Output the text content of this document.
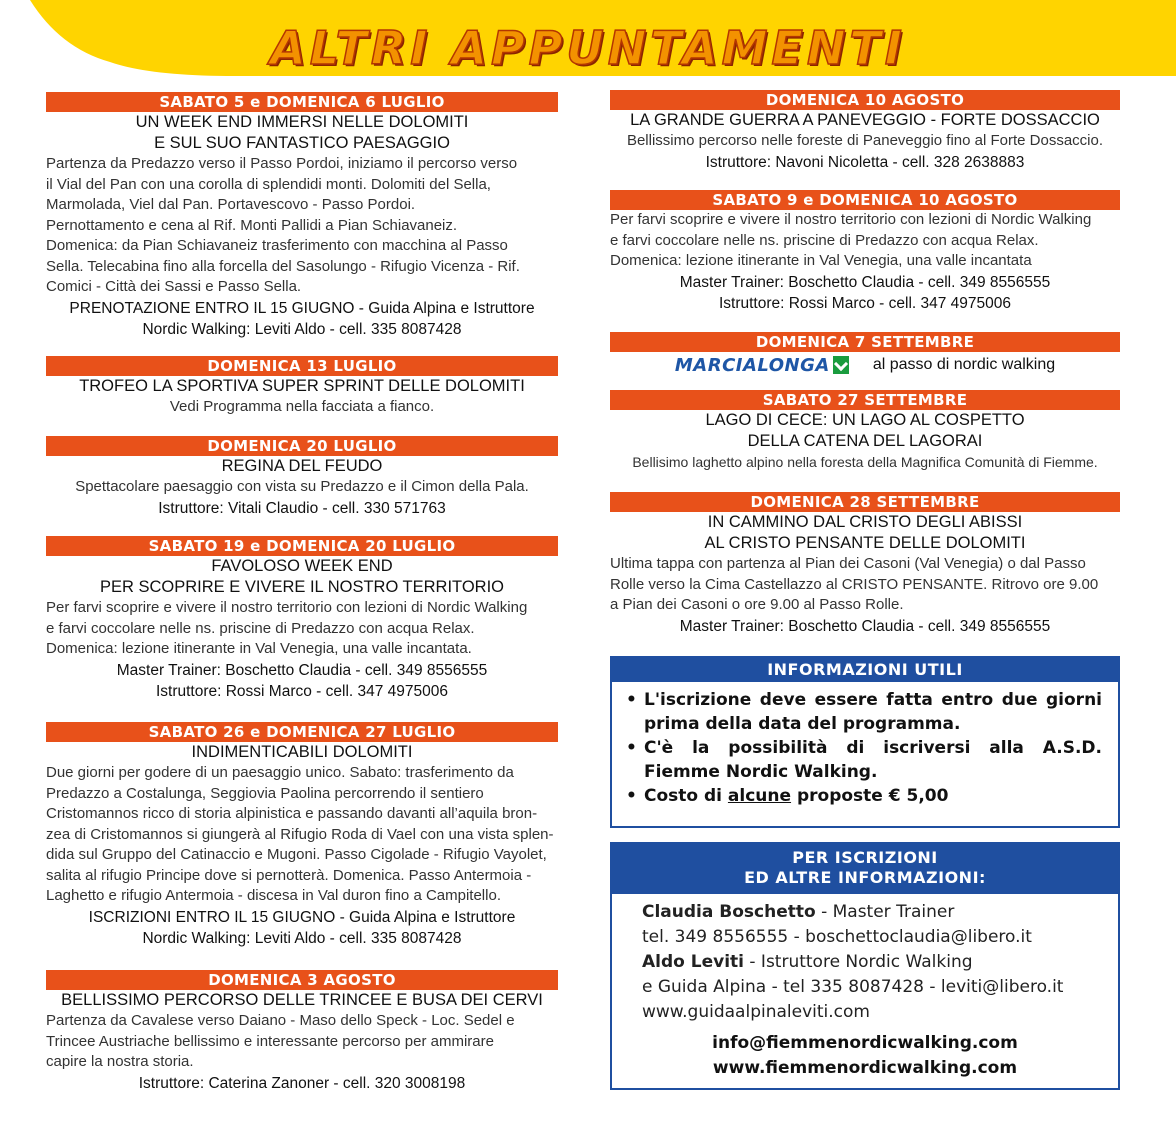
ALTRI APPUNTAMENTI
SABATO 5 e DOMENICA 6 LUGLIO
UN WEEK END IMMERSI NELLE DOLOMITI
E SUL SUO FANTASTICO PAESAGGIO
Partenza da Predazzo verso il Passo Pordoi, iniziamo il percorso verso
il Vial del Pan con una corolla di splendidi monti. Dolomiti del Sella,
Marmolada, Viel dal Pan. Portavescovo - Passo Pordoi.
Pernottamento e cena al Rif. Monti Pallidi a Pian Schiavaneiz.
Domenica: da Pian Schiavaneiz trasferimento con macchina al Passo
Sella. Telecabina fino alla forcella del Sasolungo - Rifugio Vicenza - Rif.
Comici - Città dei Sassi e Passo Sella.
PRENOTAZIONE ENTRO IL 15 GIUGNO - Guida Alpina e Istruttore
Nordic Walking: Leviti Aldo - cell. 335 8087428
DOMENICA 13 LUGLIO
TROFEO LA SPORTIVA SUPER SPRINT DELLE DOLOMITI
Vedi Programma nella facciata a fianco.
DOMENICA 20 LUGLIO
REGINA DEL FEUDO
Spettacolare paesaggio con vista su Predazzo e il Cimon della Pala.
Istruttore: Vitali Claudio - cell. 330 571763
SABATO 19 e DOMENICA 20 LUGLIO
FAVOLOSO WEEK END
PER SCOPRIRE E VIVERE IL NOSTRO TERRITORIO
Per farvi scoprire e vivere il nostro territorio con lezioni di Nordic Walking
e farvi coccolare nelle ns. priscine di Predazzo con acqua Relax.
Domenica: lezione itinerante in Val Venegia, una valle incantata.
Master Trainer: Boschetto Claudia - cell. 349 8556555
Istruttore: Rossi Marco - cell. 347 4975006
SABATO 26 e DOMENICA 27 LUGLIO
INDIMENTICABILI DOLOMITI
Due giorni per godere di un paesaggio unico. Sabato: trasferimento da
Predazzo a Costalunga, Seggiovia Paolina percorrendo il sentiero
Cristomannos ricco di storia alpinistica e passando davanti all’aquila bron-
zea di Cristomannos si giungerà al Rifugio Roda di Vael con una vista splen-
dida sul Gruppo del Catinaccio e Mugoni. Passo Cigolade - Rifugio Vayolet,
salita al rifugio Principe dove si pernotterà. Domenica. Passo Antermoia -
Laghetto e rifugio Antermoia - discesa in Val duron fino a Campitello.
ISCRIZIONI ENTRO IL 15 GIUGNO - Guida Alpina e Istruttore
Nordic Walking: Leviti Aldo - cell. 335 8087428
DOMENICA 3 AGOSTO
BELLISSIMO PERCORSO DELLE TRINCEE E BUSA DEI CERVI
Partenza da Cavalese verso Daiano - Maso dello Speck - Loc. Sedel e
Trincee Austriache bellissimo e interessante percorso per ammirare
capire la nostra storia.
Istruttore: Caterina Zanoner - cell. 320 3008198
DOMENICA 10 AGOSTO
LA GRANDE GUERRA A PANEVEGGIO - FORTE DOSSACCIO
Bellissimo percorso nelle foreste di Paneveggio fino al Forte Dossaccio.
Istruttore: Navoni Nicoletta - cell. 328 2638883
SABATO 9 e DOMENICA 10 AGOSTO
Per farvi scoprire e vivere il nostro territorio con lezioni di Nordic Walking
e farvi coccolare nelle ns. priscine di Predazzo con acqua Relax.
Domenica: lezione itinerante in Val Venegia, una valle incantata
Master Trainer: Boschetto Claudia - cell. 349 8556555
Istruttore: Rossi Marco - cell. 347 4975006
DOMENICA 7 SETTEMBRE
MARCIALONGA	al passo di nordic walking
SABATO 27 SETTEMBRE
LAGO DI CECE: UN LAGO AL COSPETTO
DELLA CATENA DEL LAGORAI
Bellisimo laghetto alpino nella foresta della Magnifica Comunità di Fiemme.
DOMENICA 28 SETTEMBRE
IN CAMMINO DAL CRISTO DEGLI ABISSI
AL CRISTO PENSANTE DELLE DOLOMITI
Ultima tappa con partenza al Pian dei Casoni (Val Venegia) o dal Passo
Rolle verso la Cima Castellazzo al CRISTO PENSANTE. Ritrovo ore 9.00
a Pian dei Casoni o ore 9.00 al Passo Rolle.
Master Trainer: Boschetto Claudia - cell. 349 8556555
INFORMAZIONI UTILI
• L'iscrizione deve essere fatta entro due giorni prima della data del programma.
• C'è la possibilità di iscriversi alla A.S.D. Fiemme Nordic Walking.
• Costo di alcune proposte € 5,00
PER ISCRIZIONI
ED ALTRE INFORMAZIONI:
Claudia Boschetto - Master Trainer
tel. 349 8556555 - boschettoclaudia@libero.it
Aldo Leviti - Istruttore Nordic Walking
e Guida Alpina - tel 335 8087428 - leviti@libero.it
www.guidaalpinaleviti.com
info@fiemmenordicwalking.com
www.fiemmenordicwalking.com
